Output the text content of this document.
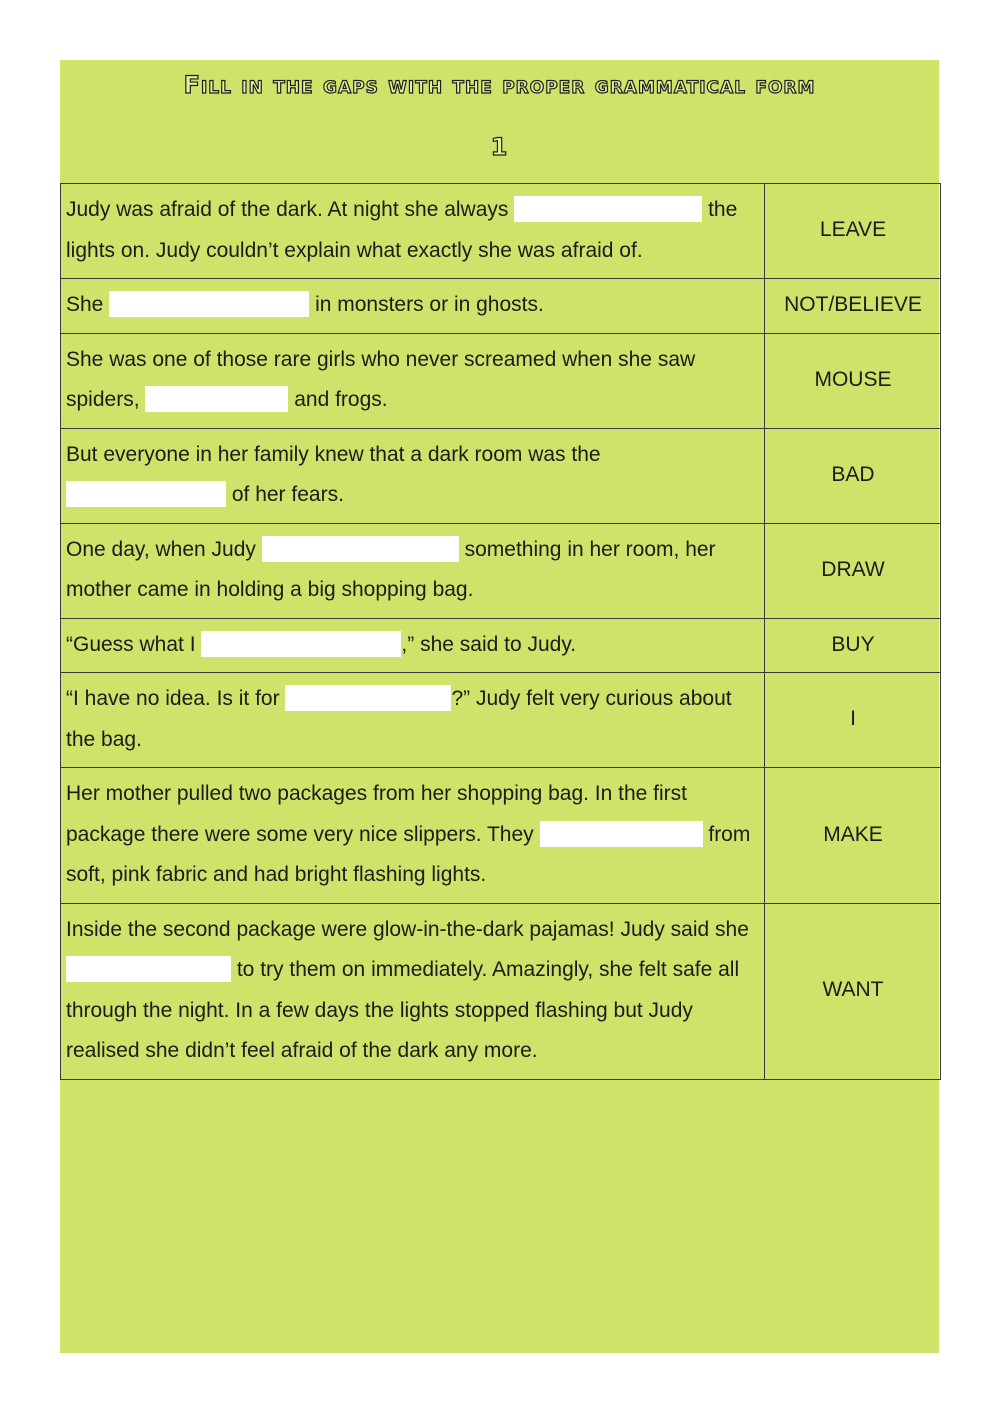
Fill in the gaps with the proper grammatical form
1
Judy was afraid of the dark. At night she always the lights on. Judy couldn’t explain what exactly she was afraid of.	LEAVE
She in monsters or in ghosts.	NOT/BELIEVE
She was one of those rare girls who never screamed when she saw spiders, and frogs.	MOUSE
But everyone in her family knew that a dark room was the  of her fears.	BAD
One day, when Judy something in her room, her mother came in holding a big shopping bag.	DRAW
“Guess what I ,” she said to Judy.	BUY
“I have no idea. Is it for ?” Judy felt very curious about the bag.	I
Her mother pulled two packages from her shopping bag. In the first package there were some very nice slippers. They from soft, pink fabric and had bright flashing lights.	MAKE
Inside the second package were glow-in-the-dark pajamas! Judy said she  to try them on immediately. Amazingly, she felt safe all through the night. In a few days the lights stopped flashing but Judy realised she didn’t feel afraid of the dark any more.	WANT
